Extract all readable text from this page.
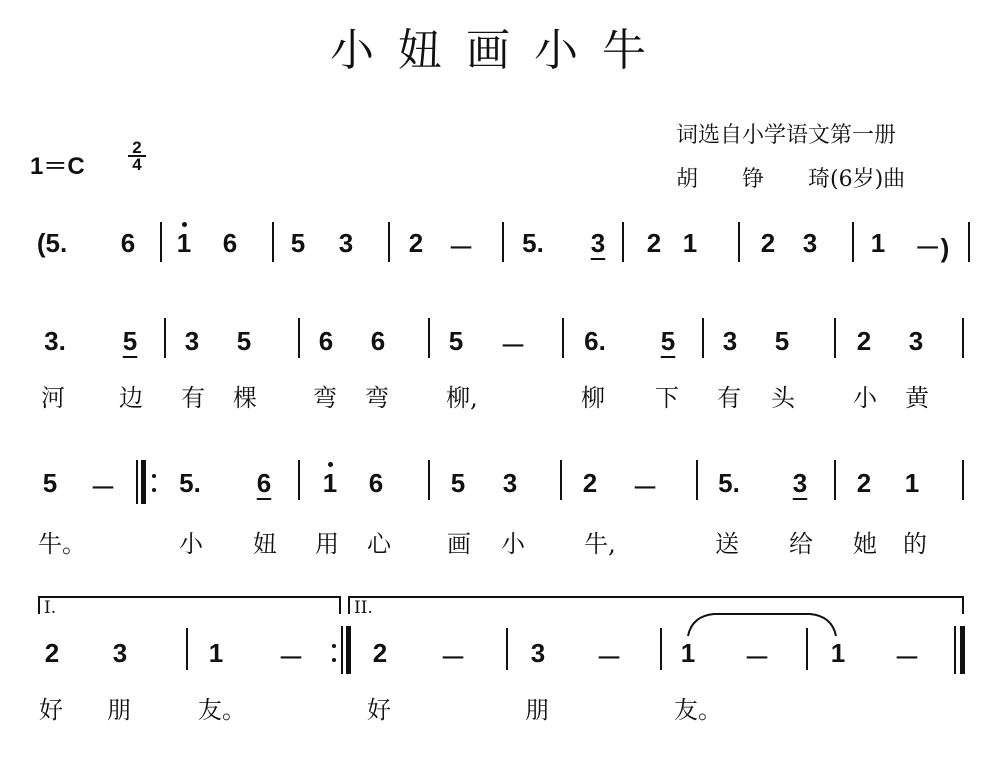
小妞画小牛
词选自小学语文第一册
胡　　铮　　琦(6岁)曲
1＝C	$\frac{2}{4}$
(5. 6 1 6 5 3 2 － 5. 3 2 1 2 3 1	－)
3. 5 3 5	6 6 5 － 6. 5 3 5	2 3
河 边 有 棵 弯 弯 柳,	柳 下 有 头 小 黄
5 － 5. 6 1 6	5 3	2 － 5. 3 2 1
牛。	小 妞 用 心 画 小 牛,	送 给 她 的
I.	II.
2 3	1 －	2 － 3 － 1 － 1 －
好 朋	友。	好	朋	友。
